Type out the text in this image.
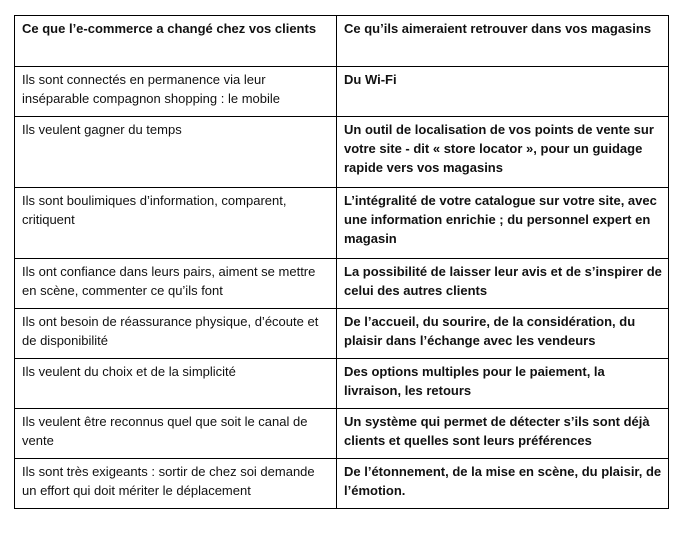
Ce que l’e-commerce a changé chez vos clients	Ce qu’ils aimeraient retrouver dans vos magasins
Ils sont connectés en permanence via leur inséparable compagnon shopping : le mobile	Du Wi-Fi
Ils veulent gagner du temps	Un outil de localisation de vos points de vente sur votre site - dit « store locator », pour un guidage rapide vers vos magasins
Ils sont boulimiques d’information, comparent, critiquent	L’intégralité de votre catalogue sur votre site, avec une information enrichie ; du personnel expert en magasin
Ils ont confiance dans leurs pairs, aiment se mettre en scène, commenter ce qu’ils font	La possibilité de laisser leur avis et de s’inspirer de celui des autres clients
Ils ont besoin de réassurance physique, d’écoute et de disponibilité	De l’accueil, du sourire, de la considération, du plaisir dans l’échange avec les vendeurs
Ils veulent du choix et de la simplicité	Des options multiples pour le paiement, la livraison, les retours
Ils veulent être reconnus quel que soit le canal de vente	Un système qui permet de détecter s’ils sont déjà clients et quelles sont leurs préférences
Ils sont très exigeants : sortir de chez soi demande un effort qui doit mériter le déplacement	De l’étonnement, de la mise en scène, du plaisir, de l’émotion.
